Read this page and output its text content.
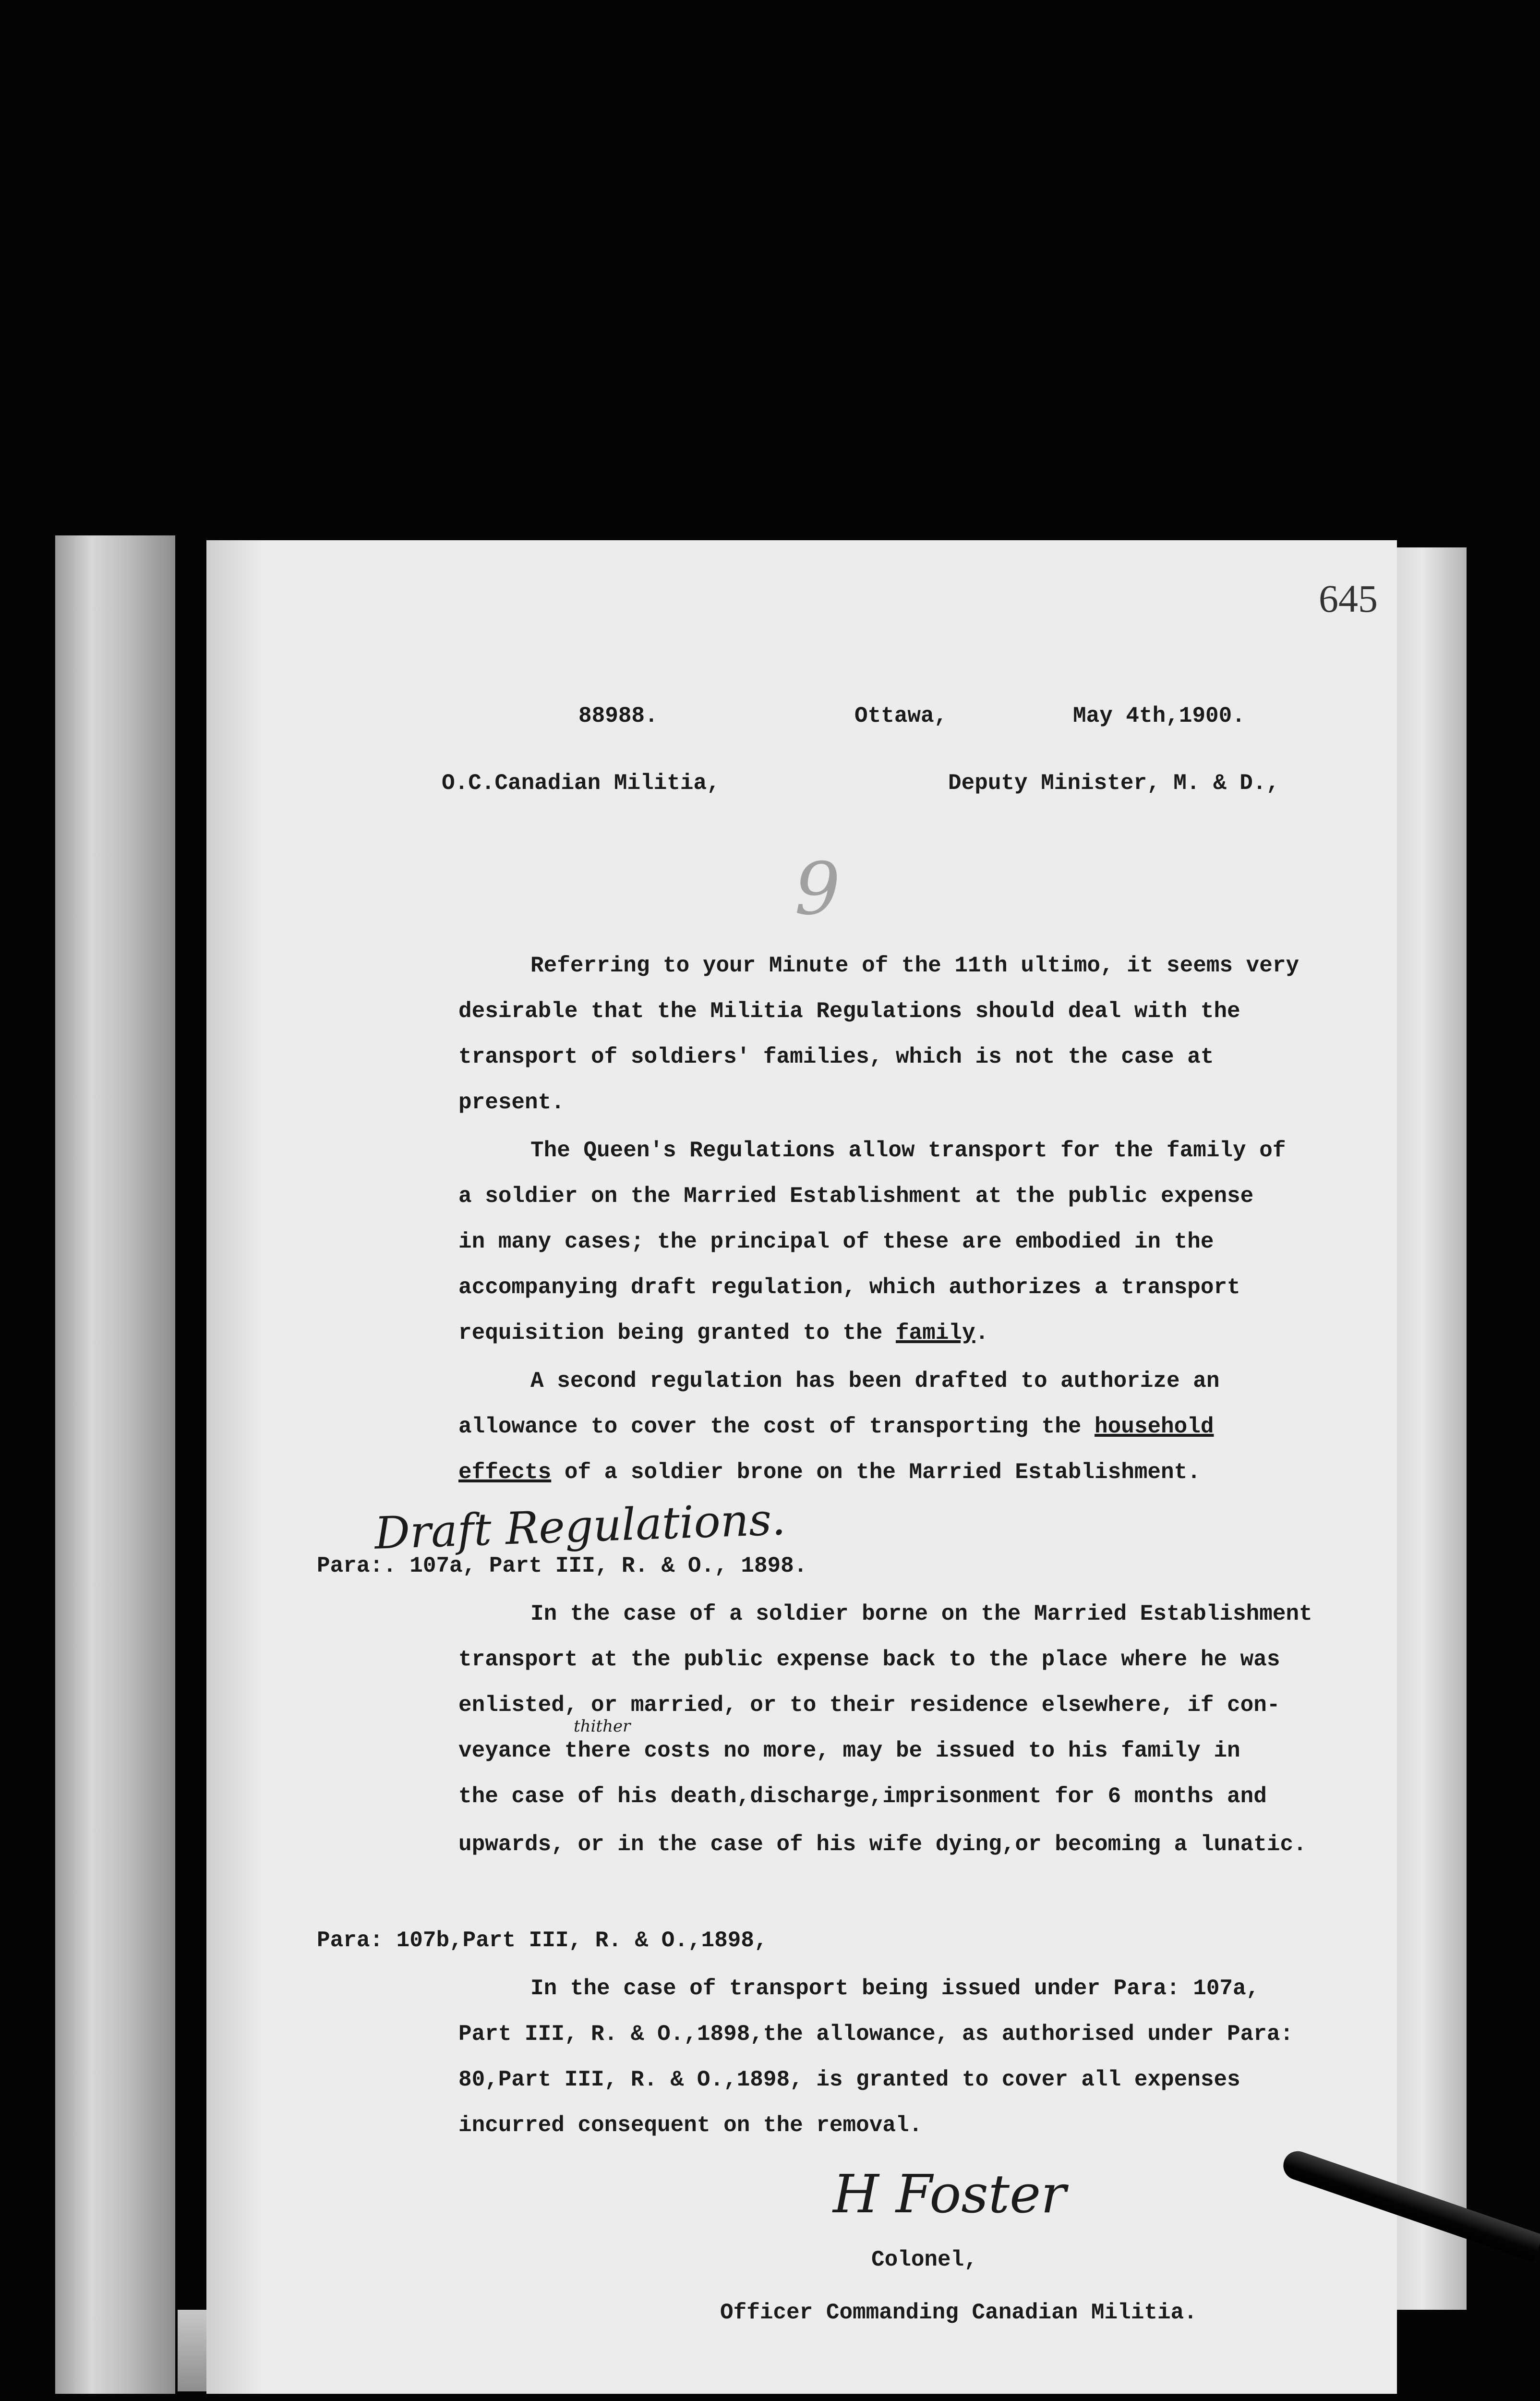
645
88988.	Ottawa,	May 4th,1900.
O.C.Canadian Militia,	Deputy Minister, M. & D.,
9
Referring to your Minute of the 11th ultimo, it seems very
desirable that the Militia Regulations should deal with the
transport of soldiers' families, which is not the case at
present.
The Queen's Regulations allow transport for the family of
a soldier on the Married Establishment at the public expense
in many cases; the principal of these are embodied in the
accompanying draft regulation, which authorizes a transport
requisition being granted to the family.
A second regulation has been drafted to authorize an
allowance to cover the cost of transporting the household
effects of a soldier brone on the Married Establishment.
Draft Regulations.
Para:. 107a, Part III, R. & O., 1898.
In the case of a soldier borne on the Married Establishment
transport at the public expense back to the place where he was
enlisted, or married, or to their residence elsewhere, if con-
thither
veyance there costs no more, may be issued to his family in
the case of his death,discharge,imprisonment for 6 months and
upwards, or in the case of his wife dying,or becoming a lunatic.
Para: 107b,Part III, R. & O.,1898,
In the case of transport being issued under Para: 107a,
Part III, R. & O.,1898,the allowance, as authorised under Para:
80,Part III, R. & O.,1898, is granted to cover all expenses
incurred consequent on the removal.
H Foster
Colonel,
Officer Commanding Canadian Militia.
